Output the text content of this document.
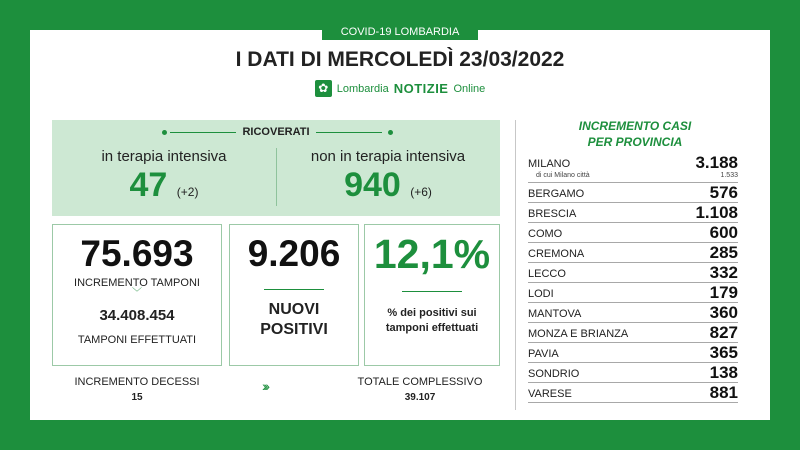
COVID-19 LOMBARDIA
I DATI DI MERCOLEDÌ 23/03/2022
✿ Lombardia NOTIZIE Online
RICOVERATI
in terapia intensiva
47 (+2)
non in terapia intensiva
940 (+6)
75.693
INCREMENTO TAMPONI
﹀
34.408.454
TAMPONI EFFETTUATI
9.206
NUOVI
POSITIVI
12,1%
% dei positivi sui
tamponi effettuati
INCREMENTO DECESSI
15
›››	TOTALE COMPLESSIVO
39.107
INCREMENTO CASI
PER PROVINCIA
MILANO	3.188
di cui Milano città	1.533
BERGAMO	576
BRESCIA	1.108
COMO	600
CREMONA	285
LECCO	332
LODI	179
MANTOVA	360
MONZA E BRIANZA	827
PAVIA	365
SONDRIO	138
VARESE	881
